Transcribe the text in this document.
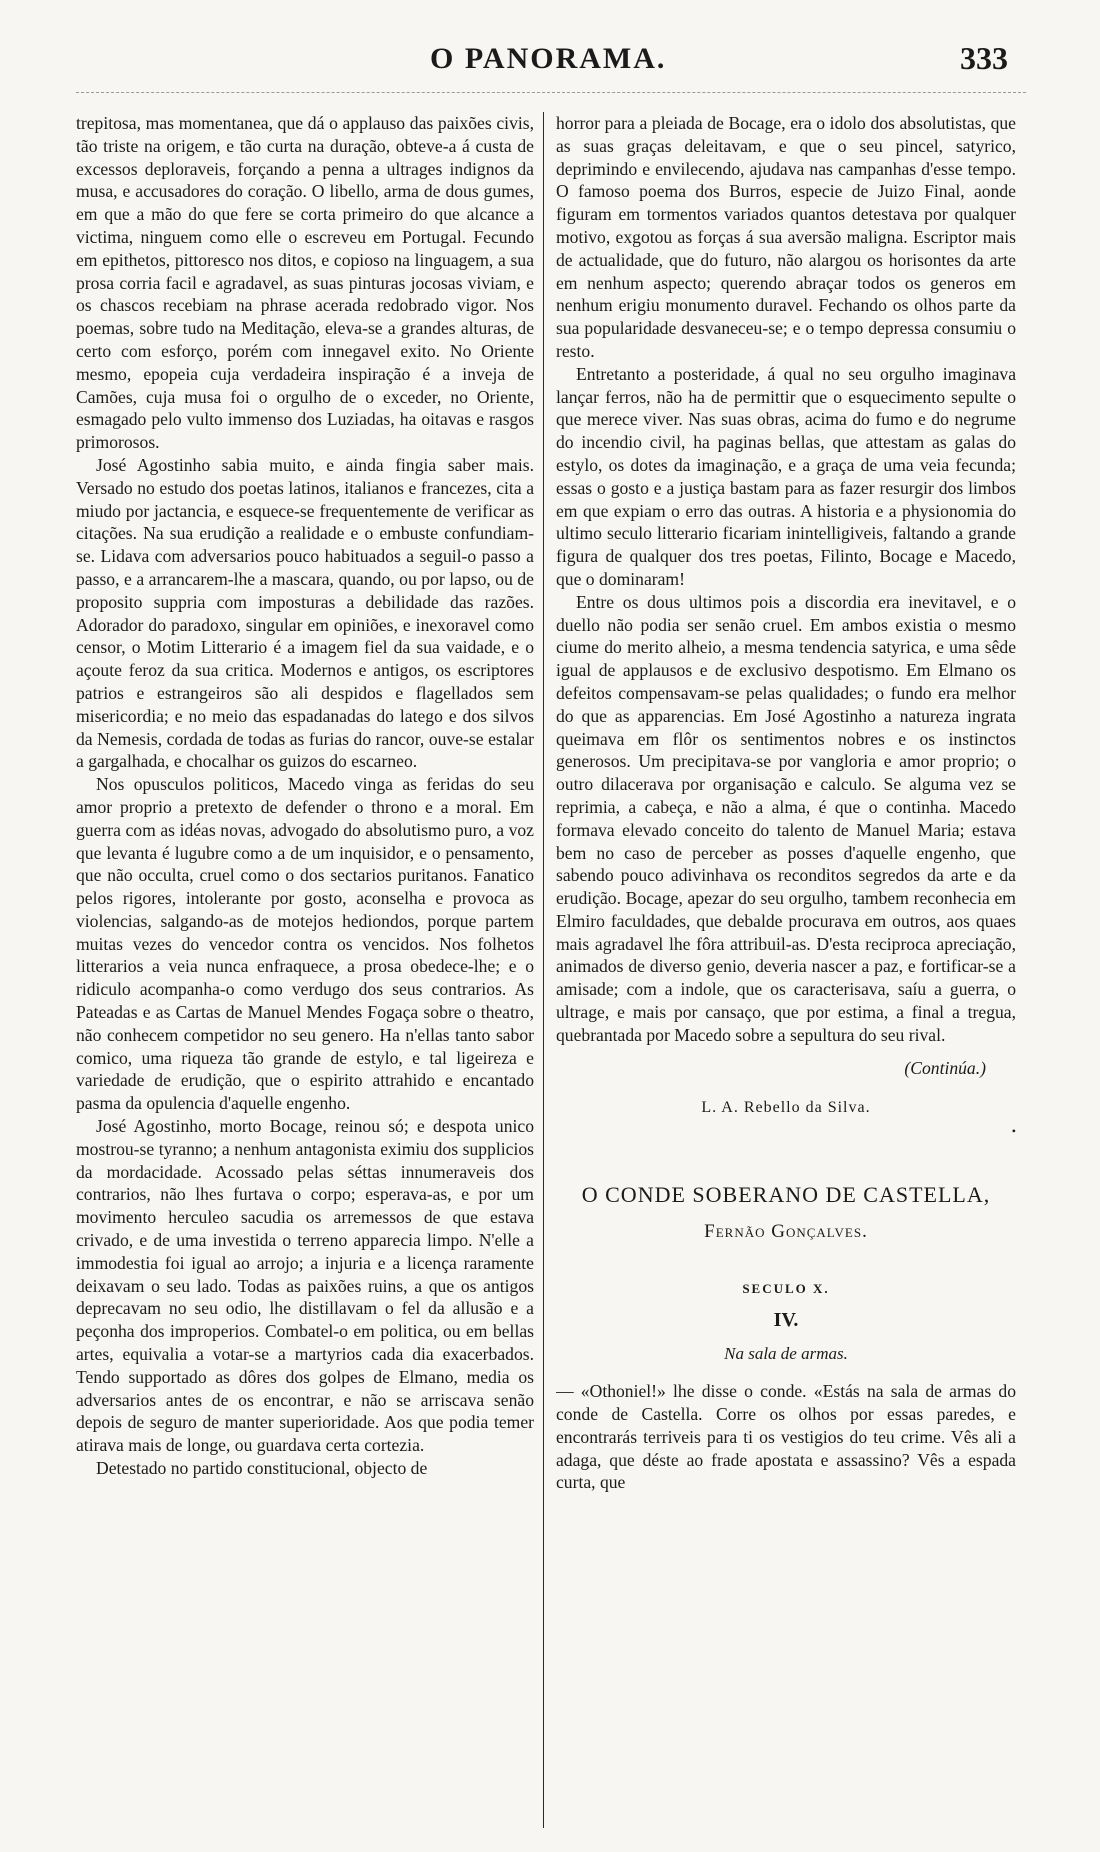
O PANORAMA.	333

trepitosa, mas momentanea, que dá o applauso das paixões civis, tão triste na origem, e tão curta na duração, obteve-a á custa de excessos deploraveis, forçando a penna a ultrages indignos da musa, e accusadores do coração. O libello, arma de dous gumes, em que a mão do que fere se corta primeiro do que alcance a victima, ninguem como elle o escreveu em Portugal. Fecundo em epithetos, pittoresco nos ditos, e copioso na linguagem, a sua prosa corria facil e agradavel, as suas pinturas jocosas viviam, e os chascos recebiam na phrase acerada redobrado vigor. Nos poemas, sobre tudo na Meditação, eleva-se a grandes alturas, de certo com esforço, porém com innegavel exito. No Oriente mesmo, epopeia cuja verdadeira inspiração é a inveja de Camões, cuja musa foi o orgulho de o exceder, no Oriente, esmagado pelo vulto immenso dos Luziadas, ha oitavas e rasgos primorosos.

José Agostinho sabia muito, e ainda fingia saber mais. Versado no estudo dos poetas latinos, italianos e francezes, cita a miudo por jactancia, e esquece-se frequentemente de verificar as citações. Na sua erudição a realidade e o embuste confundiam-se. Lidava com adversarios pouco habituados a seguil-o passo a passo, e a arrancarem-lhe a mascara, quando, ou por lapso, ou de proposito suppria com imposturas a debilidade das razões. Adorador do paradoxo, singular em opiniões, e inexoravel como censor, o Motim Litterario é a imagem fiel da sua vaidade, e o açoute feroz da sua critica. Modernos e antigos, os escriptores patrios e estrangeiros são ali despidos e flagellados sem misericordia; e no meio das espadanadas do latego e dos silvos da Nemesis, cordada de todas as furias do rancor, ouve-se estalar a gargalhada, e chocalhar os guizos do escarneo.

Nos opusculos politicos, Macedo vinga as feridas do seu amor proprio a pretexto de defender o throno e a moral. Em guerra com as idéas novas, advogado do absolutismo puro, a voz que levanta é lugubre como a de um inquisidor, e o pensamento, que não occulta, cruel como o dos sectarios puritanos. Fanatico pelos rigores, intolerante por gosto, aconselha e provoca as violencias, salgando-as de motejos hediondos, porque partem muitas vezes do vencedor contra os vencidos. Nos folhetos litterarios a veia nunca enfraquece, a prosa obedece-lhe; e o ridiculo acompanha-o como verdugo dos seus contrarios. As Pateadas e as Cartas de Manuel Mendes Fogaça sobre o theatro, não conhecem competidor no seu genero. Ha n'ellas tanto sabor comico, uma riqueza tão grande de estylo, e tal ligeireza e variedade de erudição, que o espirito attrahido e encantado pasma da opulencia d'aquelle engenho.

José Agostinho, morto Bocage, reinou só; e despota unico mostrou-se tyranno; a nenhum antagonista eximiu dos supplicios da mordacidade. Acossado pelas séttas innumeraveis dos contrarios, não lhes furtava o corpo; esperava-as, e por um movimento herculeo sacudia os arremessos de que estava crivado, e de uma investida o terreno apparecia limpo. N'elle a immodestia foi igual ao arrojo; a injuria e a licença raramente deixavam o seu lado. Todas as paixões ruins, a que os antigos deprecavam no seu odio, lhe distillavam o fel da allusão e a peçonha dos improperios. Combatel-o em politica, ou em bellas artes, equivalia a votar-se a martyrios cada dia exacerbados. Tendo supportado as dôres dos golpes de Elmano, media os adversarios antes de os encontrar, e não se arriscava senão depois de seguro de manter superioridade. Aos que podia temer atirava mais de longe, ou guardava certa cortezia.

Detestado no partido constitucional, objecto de

horror para a pleiada de Bocage, era o idolo dos absolutistas, que as suas graças deleitavam, e que o seu pincel, satyrico, deprimindo e envilecendo, ajudava nas campanhas d'esse tempo. O famoso poema dos Burros, especie de Juizo Final, aonde figuram em tormentos variados quantos detestava por qualquer motivo, exgotou as forças á sua aversão maligna. Escriptor mais de actualidade, que do futuro, não alargou os horisontes da arte em nenhum aspecto; querendo abraçar todos os generos em nenhum erigiu monumento duravel. Fechando os olhos parte da sua popularidade desvaneceu-se; e o tempo depressa consumiu o resto.

Entretanto a posteridade, á qual no seu orgulho imaginava lançar ferros, não ha de permittir que o esquecimento sepulte o que merece viver. Nas suas obras, acima do fumo e do negrume do incendio civil, ha paginas bellas, que attestam as galas do estylo, os dotes da imaginação, e a graça de uma veia fecunda; essas o gosto e a justiça bastam para as fazer resurgir dos limbos em que expiam o erro das outras. A historia e a physionomia do ultimo seculo litterario ficariam inintelligiveis, faltando a grande figura de qualquer dos tres poetas, Filinto, Bocage e Macedo, que o dominaram!

Entre os dous ultimos pois a discordia era inevitavel, e o duello não podia ser senão cruel. Em ambos existia o mesmo ciume do merito alheio, a mesma tendencia satyrica, e uma sêde igual de applausos e de exclusivo despotismo. Em Elmano os defeitos compensavam-se pelas qualidades; o fundo era melhor do que as apparencias. Em José Agostinho a natureza ingrata queimava em flôr os sentimentos nobres e os instinctos generosos. Um precipitava-se por vangloria e amor proprio; o outro dilacerava por organisação e calculo. Se alguma vez se reprimia, a cabeça, e não a alma, é que o continha. Macedo formava elevado conceito do talento de Manuel Maria; estava bem no caso de perceber as posses d'aquelle engenho, que sabendo pouco adivinhava os reconditos segredos da arte e da erudição. Bocage, apezar do seu orgulho, tambem reconhecia em Elmiro faculdades, que debalde procurava em outros, aos quaes mais agradavel lhe fôra attribuil-as. D'esta reciproca apreciação, animados de diverso genio, deveria nascer a paz, e fortificar-se a amisade; com a indole, que os caracterisava, saíu a guerra, o ultrage, e mais por cansaço, que por estima, a final a tregua, quebrantada por Macedo sobre a sepultura do seu rival.

(Continúa.)

L. A. Rebello da Silva.

•

O CONDE SOBERANO DE CASTELLA,

Fernão Gonçalves.

SECULO X.

IV.

Na sala de armas.

— «Othoniel!» lhe disse o conde. «Estás na sala de armas do conde de Castella. Corre os olhos por essas paredes, e encontrarás terriveis para ti os vestigios do teu crime. Vês ali a adaga, que déste ao frade apostata e assassino? Vês a espada curta, que
